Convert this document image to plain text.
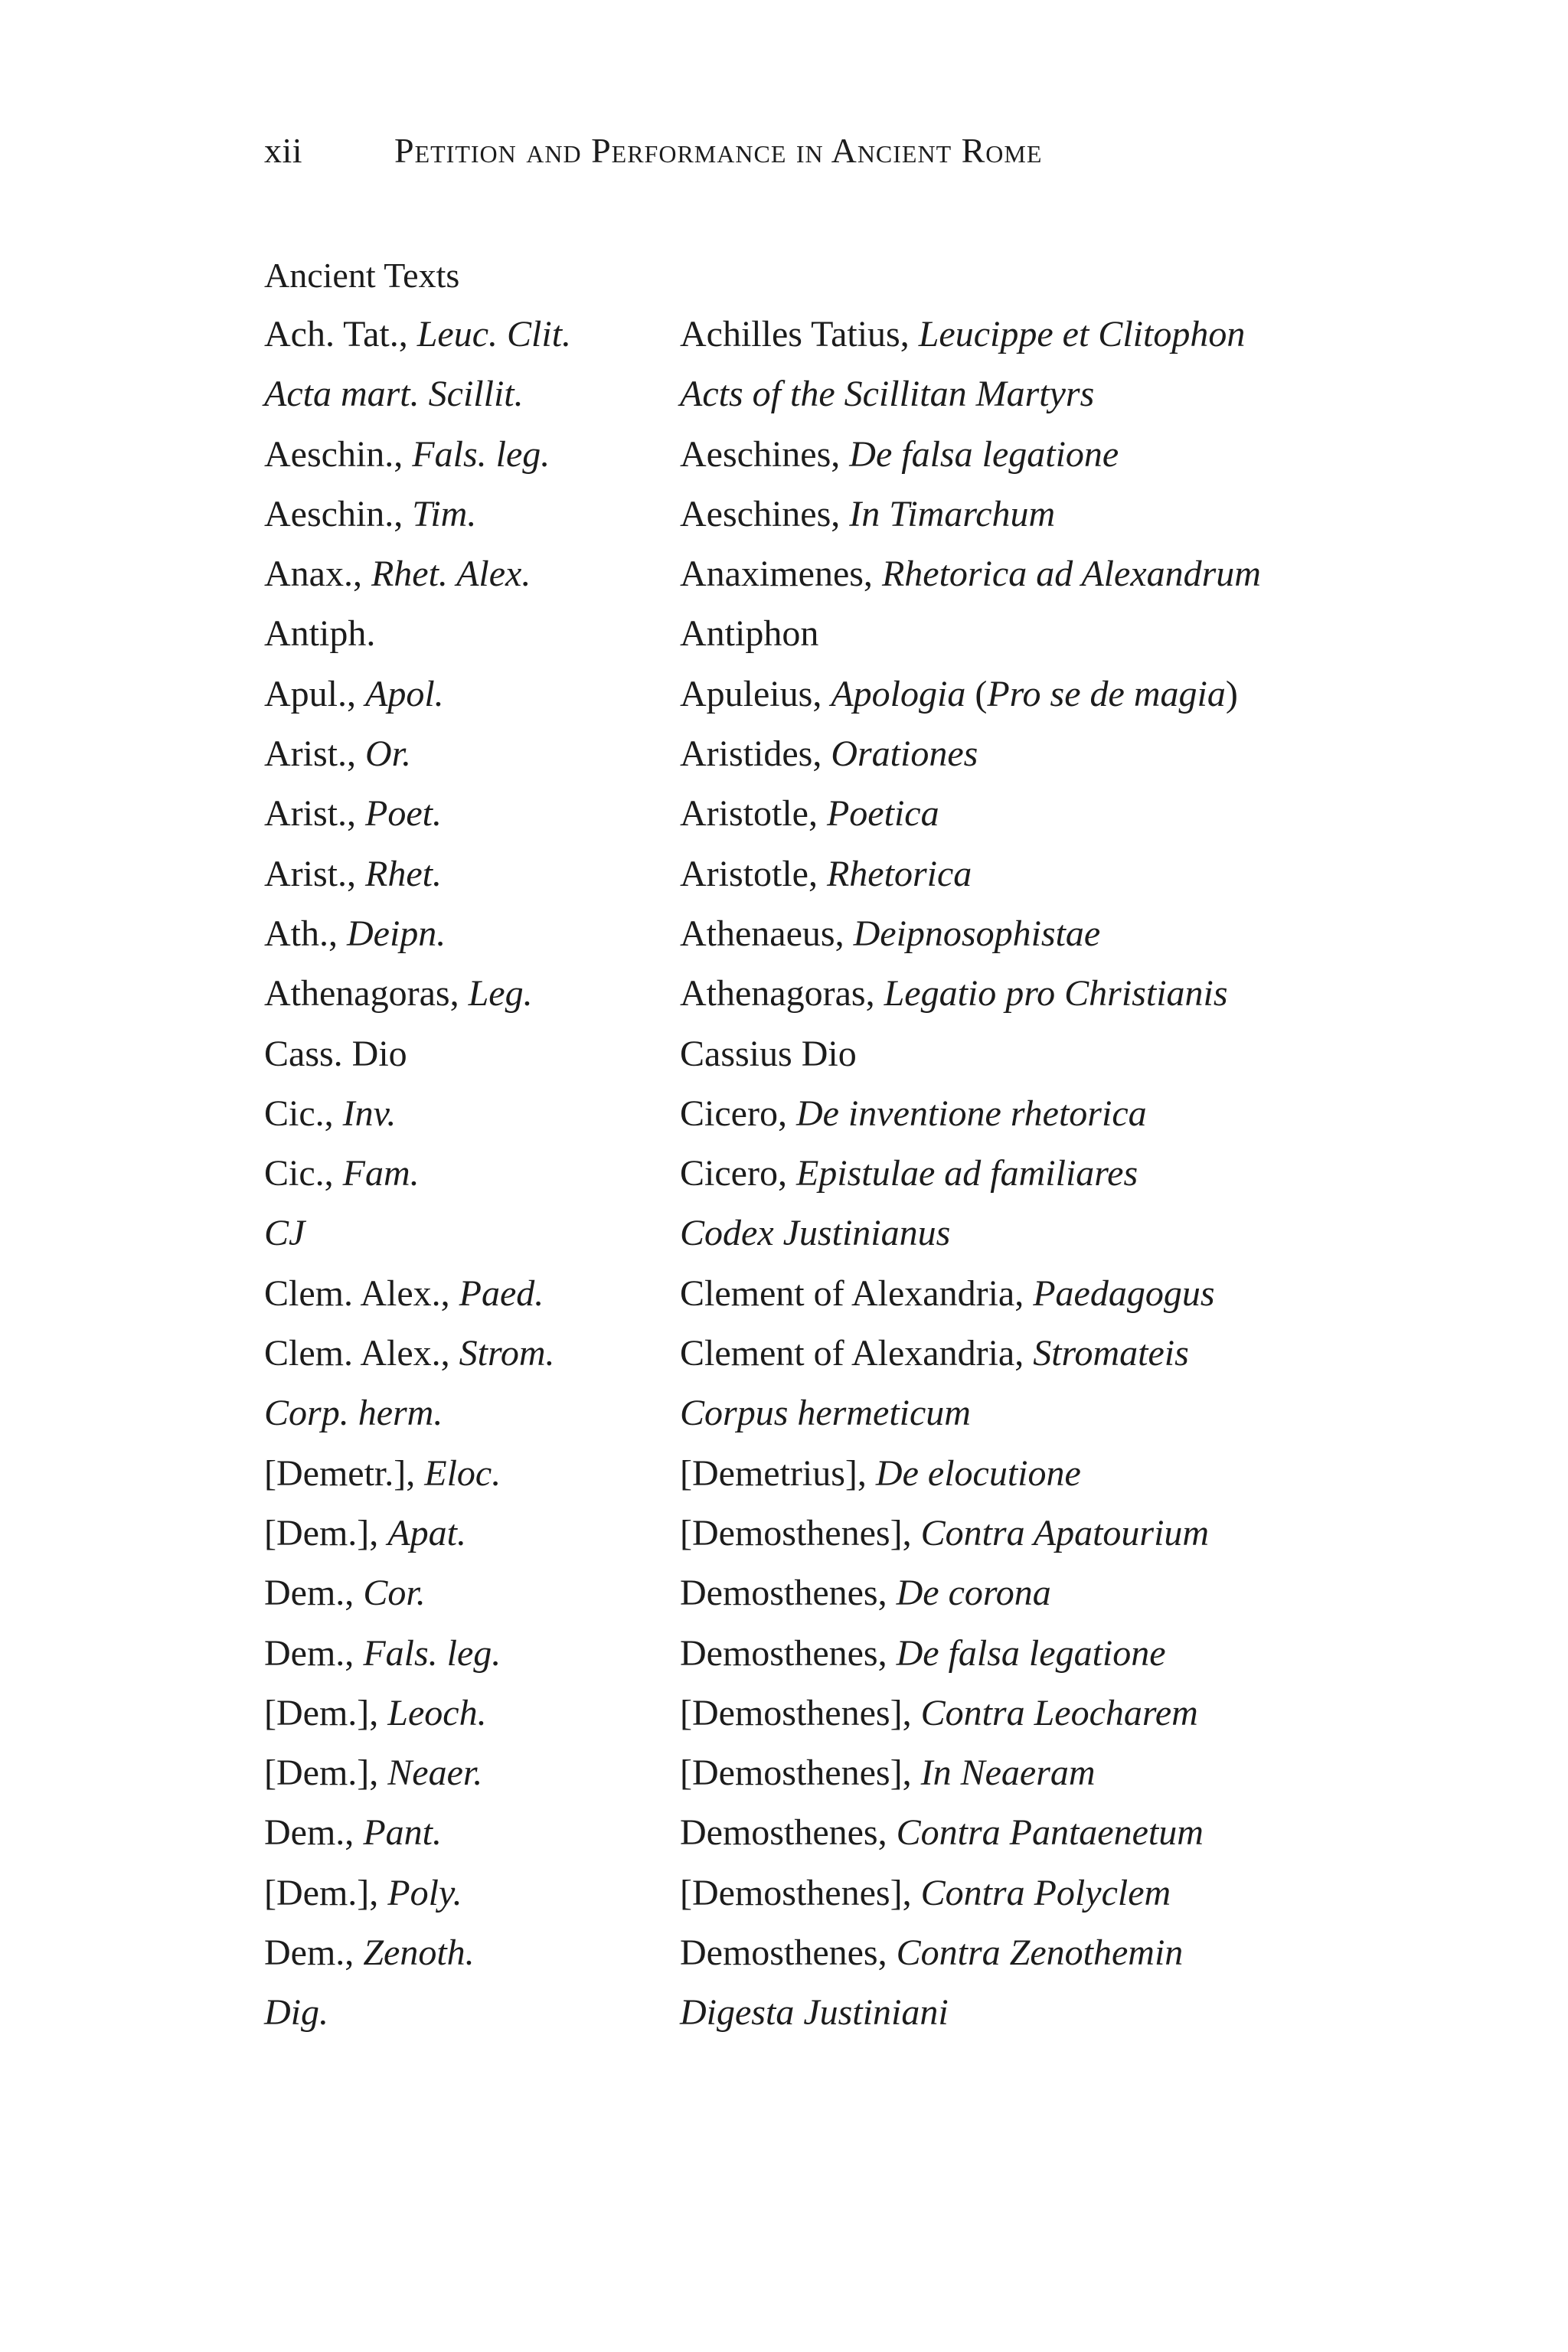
xii	Petition and Performance in Ancient Rome
Ancient Texts
Ach. Tat., Leuc. Clit.	Achilles Tatius, Leucippe et Clitophon
Acta mart. Scillit.	Acts of the Scillitan Martyrs
Aeschin., Fals. leg.	Aeschines, De falsa legatione
Aeschin., Tim.	Aeschines, In Timarchum
Anax., Rhet. Alex.	Anaximenes, Rhetorica ad Alexandrum
Antiph.	Antiphon
Apul., Apol.	Apuleius, Apologia (Pro se de magia)
Arist., Or.	Aristides, Orationes
Arist., Poet.	Aristotle, Poetica
Arist., Rhet.	Aristotle, Rhetorica
Ath., Deipn.	Athenaeus, Deipnosophistae
Athenagoras, Leg.	Athenagoras, Legatio pro Christianis
Cass. Dio	Cassius Dio
Cic., Inv.	Cicero, De inventione rhetorica
Cic., Fam.	Cicero, Epistulae ad familiares
CJ	Codex Justinianus
Clem. Alex., Paed.	Clement of Alexandria, Paedagogus
Clem. Alex., Strom.	Clement of Alexandria, Stromateis
Corp. herm.	Corpus hermeticum
[Demetr.], Eloc.	[Demetrius], De elocutione
[Dem.], Apat.	[Demosthenes], Contra Apatourium
Dem., Cor.	Demosthenes, De corona
Dem., Fals. leg.	Demosthenes, De falsa legatione
[Dem.], Leoch.	[Demosthenes], Contra Leocharem
[Dem.], Neaer.	[Demosthenes], In Neaeram
Dem., Pant.	Demosthenes, Contra Pantaenetum
[Dem.], Poly.	[Demosthenes], Contra Polyclem
Dem., Zenoth.	Demosthenes, Contra Zenothemin
Dig.	Digesta Justiniani
